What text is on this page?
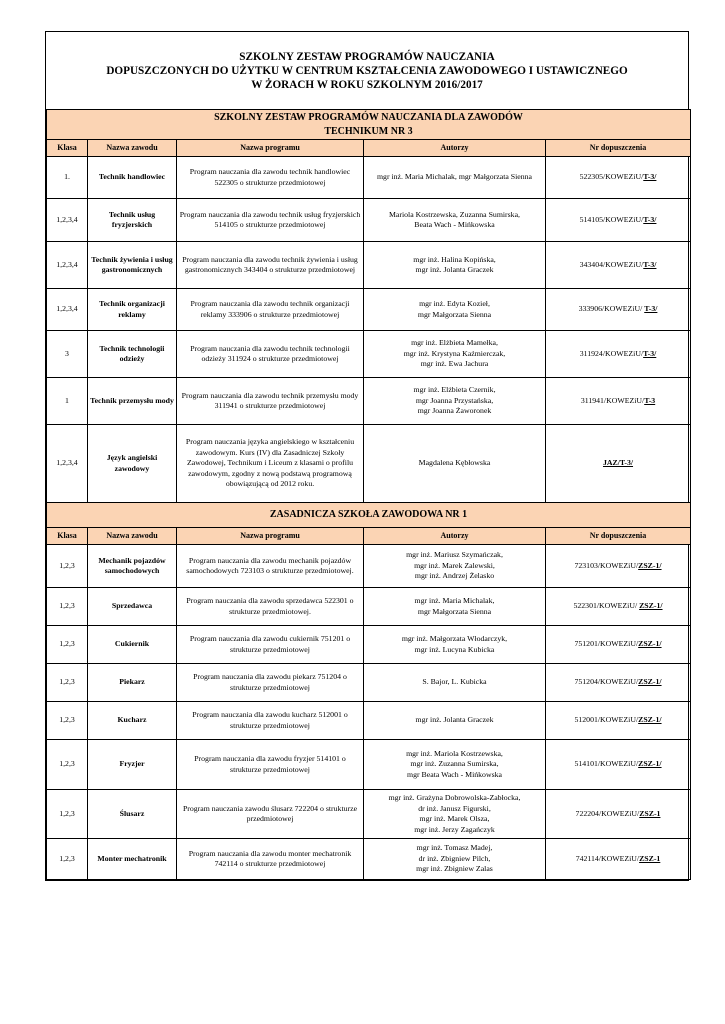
SZKOLNY ZESTAW PROGRAMÓW NAUCZANIA
DOPUSZCZONYCH DO UŻYTKU W CENTRUM KSZTAŁCENIA ZAWODOWEGO I USTAWICZNEGO
W ŻORACH W ROKU SZKOLNYM 2016/2017
SZKOLNY ZESTAW PROGRAMÓW NAUCZANIA DLA ZAWODÓW
TECHNIKUM NR 3				

Klasa	Nazwa zawodu	Nazwa programu	Autorzy	Nr dopuszczenia
1.	Technik handlowiec	Program nauczania dla zawodu technik handlowiec 522305 o strukturze przedmiotowej	mgr inż. Maria Michalak, mgr Małgorzata Sienna	522305/KOWEZiU/T-3/
1,2,3,4	Technik usług fryzjerskich	Program nauczania dla zawodu technik usług fryzjerskich 514105 o strukturze przedmiotowej	Mariola Kostrzewska, Zuzanna Sumirska,
Beata Wach - Mińkowska	514105/KOWEZiU/T-3/
1,2,3,4	Technik żywienia i usług gastronomicznych	Program nauczania dla zawodu technik żywienia i usług gastronomicznych 343404 o strukturze przedmiotowej	mgr inż. Halina Kopińska,
mgr inż. Jolanta Graczek	343404/KOWEZiU/T-3/
1,2,3,4	Technik organizacji reklamy	Program nauczania dla zawodu technik organizacji reklamy 333906 o strukturze przedmiotowej	mgr inż. Edyta Kozieł,
mgr Małgorzata Sienna	333906/KOWEZiU/ T-3/
3	Technik technologii odzieży	Program nauczania dla zawodu technik technologii odzieży 311924 o strukturze przedmiotowej	mgr inż. Elżbieta Mamełka,
mgr inż. Krystyna Kaźmierczak,
mgr inż. Ewa Jachura	311924/KOWEZiU/T-3/
1	Technik przemysłu mody	Program nauczania dla zawodu technik przemysłu mody 311941 o strukturze przedmiotowej	mgr inż. Elżbieta Czernik,
mgr Joanna Przystańska,
mgr Joanna Żaworonek	311941/KOWEZiU/T-3
1,2,3,4	Język angielski zawodowy	Program nauczania języka angielskiego w kształceniu zawodowym. Kurs (IV) dla Zasadniczej Szkoły Zawodowej, Technikum i Liceum z klasami o profilu zawodowym, zgodny z nową podstawą programową obowiązującą od 2012 roku.	Magdalena Kębłowska	JAZ/T-3/
ZASADNICZA SZKOŁA ZAWODOWA NR 1				
Klasa	Nazwa zawodu	Nazwa programu	Autorzy	Nr dopuszczenia
1,2,3	Mechanik pojazdów samochodowych	Program nauczania dla zawodu mechanik pojazdów samochodowych 723103 o strukturze przedmiotowej.	mgr inż. Mariusz Szymańczak,
mgr inż. Marek Zalewski,
mgr inż. Andrzej Żelasko	723103/KOWEZiU/ZSZ-1/
1,2,3	Sprzedawca	Program nauczania dla zawodu sprzedawca 522301 o strukturze przedmiotowej.	mgr inż. Maria Michalak,
mgr Małgorzata Sienna	522301/KOWEZiU/ ZSZ-1/
1,2,3	Cukiernik	Program nauczania dla zawodu cukiernik 751201 o strukturze przedmiotowej	mgr inż. Małgorzata Włodarczyk,
mgr inż. Lucyna Kubicka	751201/KOWEZiU/ZSZ-1/
1,2,3	Piekarz	Program nauczania dla zawodu piekarz 751204 o strukturze przedmiotowej	S. Bajor, L. Kubicka	751204/KOWEZiU/ZSZ-1/
1,2,3	Kucharz	Program nauczania dla zawodu kucharz 512001 o strukturze przedmiotowej	mgr inż. Jolanta Graczek	512001/KOWEZiU/ZSZ-1/
1,2,3	Fryzjer	Program nauczania dla zawodu fryzjer 514101 o strukturze przedmiotowej	mgr inż. Mariola Kostrzewska,
mgr inż. Zuzanna Sumirska,
mgr Beata Wach - Mińkowska	514101/KOWEZiU/ZSZ-1/
1,2,3	Ślusarz	Program nauczania zawodu ślusarz 722204 o strukturze przedmiotowej	mgr inż. Grażyna Dobrowolska-Zabłocka,
dr inż. Janusz Figurski,
mgr inż. Marek Olsza,
mgr inż. Jerzy Zagańczyk	722204/KOWEZiU/ZSZ-1
1,2,3	Monter mechatronik	Program nauczania dla zawodu monter mechatronik 742114 o strukturze przedmiotowej	mgr inż. Tomasz Madej,
dr inż. Zbigniew Pilch,
mgr inż. Zbigniew Zalas	742114/KOWEZiU/ZSZ-1
